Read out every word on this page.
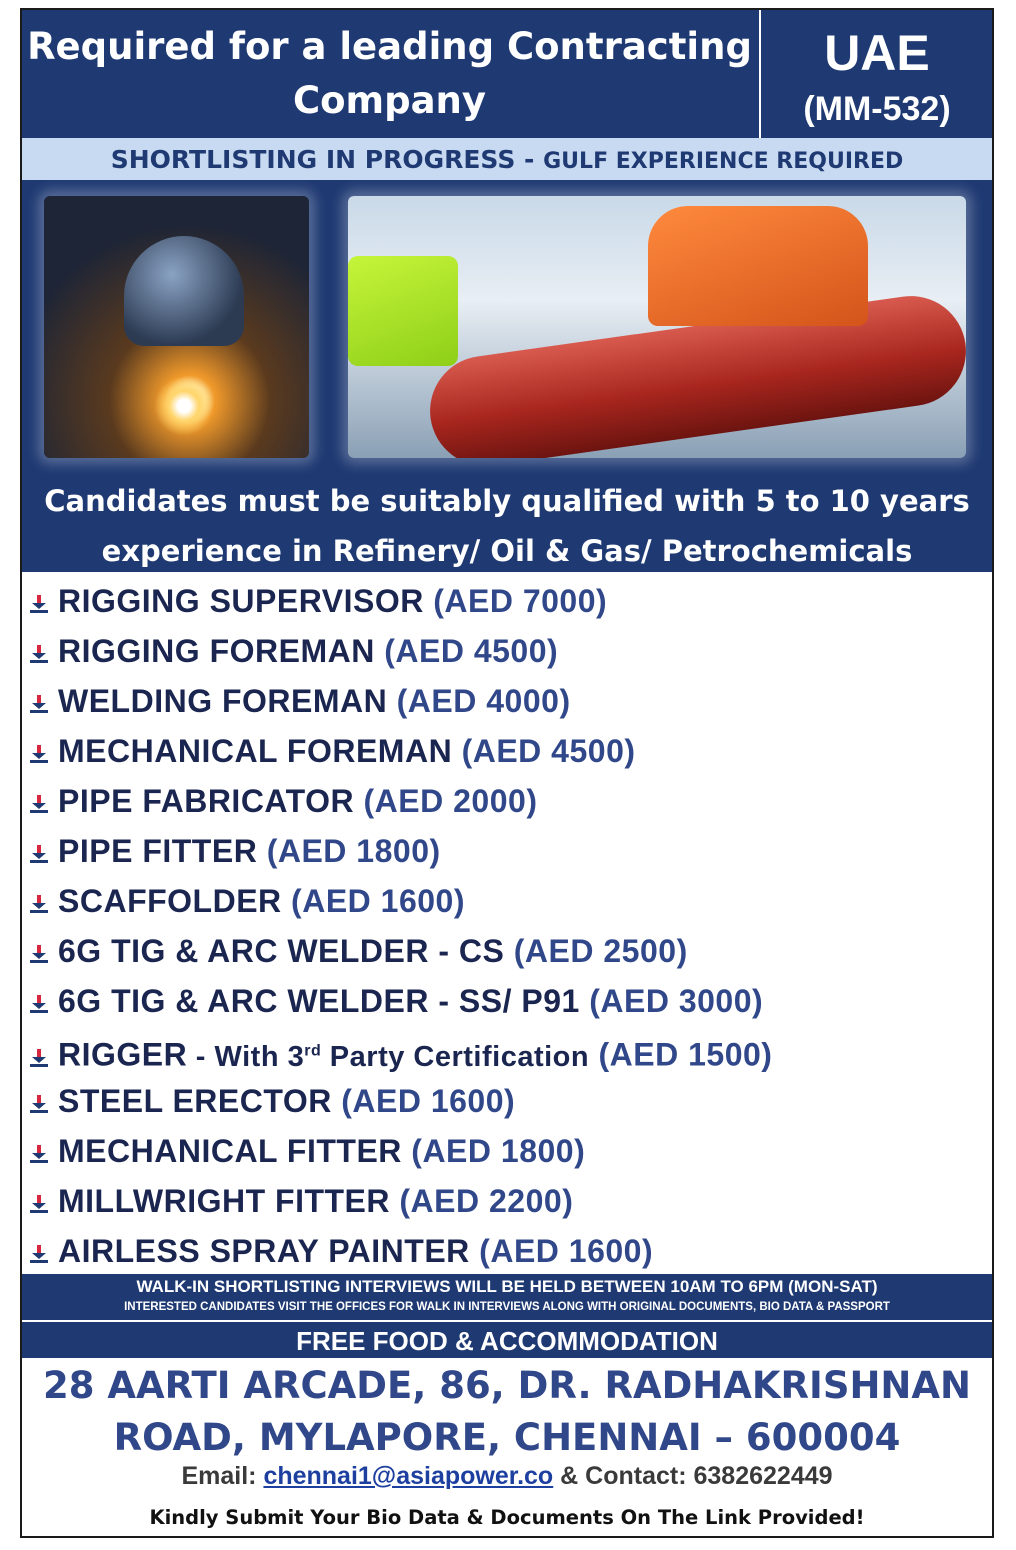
Required for a leading Contracting Company
UAE
(MM-532)
SHORTLISTING IN PROGRESS - GULF EXPERIENCE REQUIRED
Candidates must be suitably qualified with 5 to 10 years experience in Refinery/ Oil & Gas/ Petrochemicals
RIGGING SUPERVISOR (AED 7000)
RIGGING FOREMAN (AED 4500)
WELDING FOREMAN (AED 4000)
MECHANICAL FOREMAN (AED 4500)
PIPE FABRICATOR (AED 2000)
PIPE FITTER (AED 1800)
SCAFFOLDER (AED 1600)
6G TIG & ARC WELDER - CS (AED 2500)
6G TIG & ARC WELDER - SS/ P91 (AED 3000)
RIGGER - With 3rd Party Certification (AED 1500)
STEEL ERECTOR (AED 1600)
MECHANICAL FITTER (AED 1800)
MILLWRIGHT FITTER (AED 2200)
AIRLESS SPRAY PAINTER (AED 1600)
WALK-IN SHORTLISTING INTERVIEWS WILL BE HELD BETWEEN 10AM TO 6PM (MON-SAT)
INTERESTED CANDIDATES VISIT THE OFFICES FOR WALK IN INTERVIEWS ALONG WITH ORIGINAL DOCUMENTS, BIO DATA & PASSPORT
FREE FOOD & ACCOMMODATION
28 AARTI ARCADE, 86, DR. RADHAKRISHNAN
ROAD, MYLAPORE, CHENNAI – 600004
Email: chennai1@asiapower.co & Contact: 6382622449
Kindly Submit Your Bio Data & Documents On The Link Provided!
